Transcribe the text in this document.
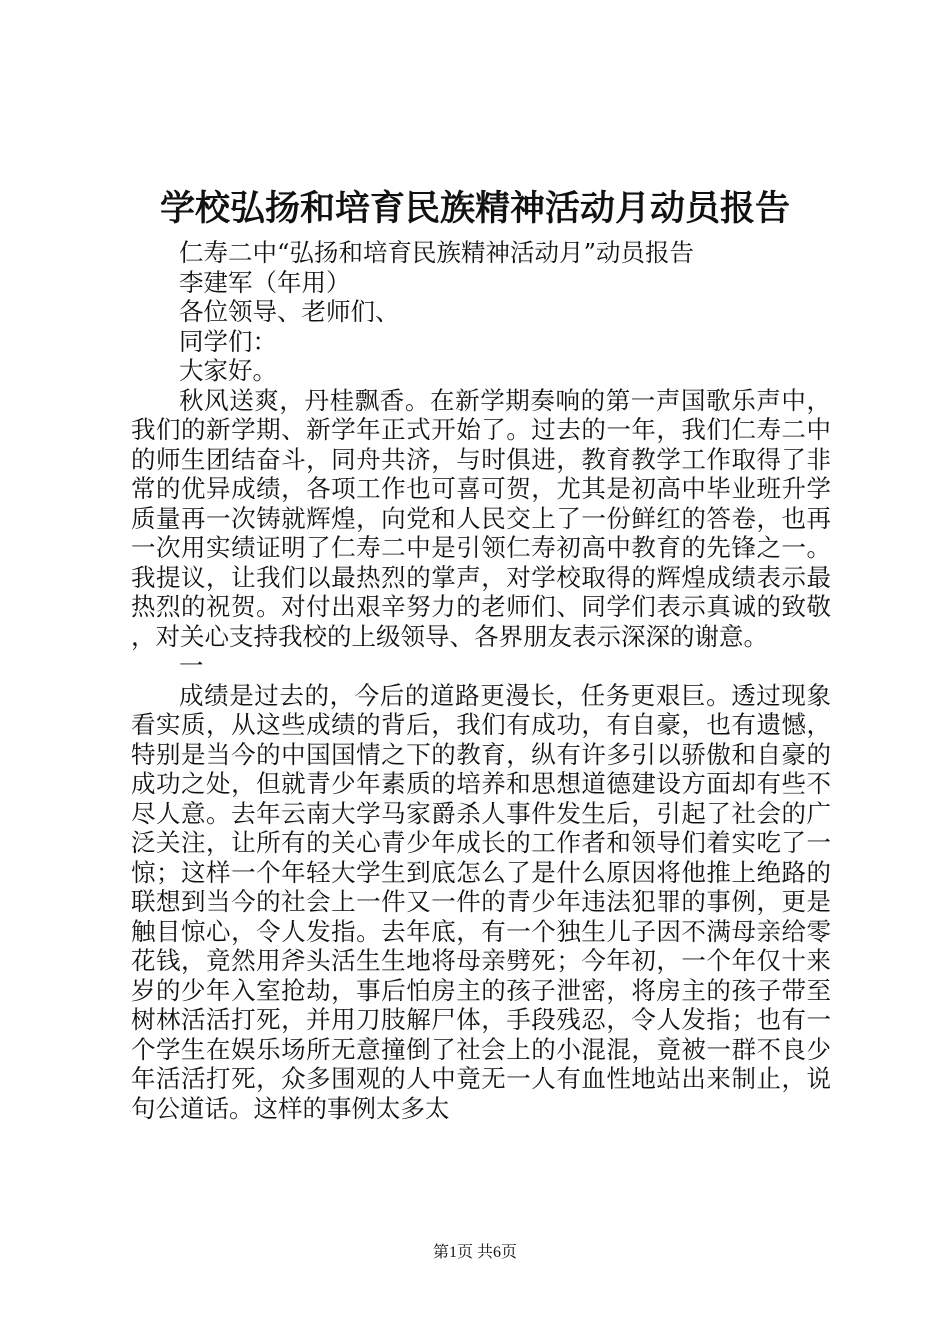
学校弘扬和培育民族精神活动月动员报告

仁寿二中“弘扬和培育民族精神活动月”动员报告

李建军（年用）

各位领导、老师们、

同学们：

大家好。

秋风送爽，丹桂飘香。在新学期奏响的第一声国歌乐声中，我们的新学期、新学年正式开始了。过去的一年，我们仁寿二中的师生团结奋斗，同舟共济，与时俱进，教育教学工作取得了非常的优异成绩，各项工作也可喜可贺，尤其是初高中毕业班升学质量再一次铸就辉煌，向党和人民交上了一份鲜红的答卷，也再一次用实绩证明了仁寿二中是引领仁寿初高中教育的先锋之一。我提议，让我们以最热烈的掌声，对学校取得的辉煌成绩表示最热烈的祝贺。对付出艰辛努力的老师们、同学们表示真诚的致敬，对关心支持我校的上级领导、各界朋友表示深深的谢意。

一

成绩是过去的，今后的道路更漫长，任务更艰巨。透过现象看实质，从这些成绩的背后，我们有成功，有自豪，也有遗憾，特别是当今的中国国情之下的教育，纵有许多引以骄傲和自豪的成功之处，但就青少年素质的培养和思想道德建设方面却有些不尽人意。去年云南大学马家爵杀人事件发生后，引起了社会的广泛关注，让所有的关心青少年成长的工作者和领导们着实吃了一惊；这样一个年轻大学生到底怎么了是什么原因将他推上绝路的联想到当今的社会上一件又一件的青少年违法犯罪的事例，更是触目惊心，令人发指。去年底，有一个独生儿子因不满母亲给零花钱，竟然用斧头活生生地将母亲劈死；今年初，一个年仅十来岁的少年入室抢劫，事后怕房主的孩子泄密，将房主的孩子带至树林活活打死，并用刀肢解尸体，手段残忍，令人发指；也有一个学生在娱乐场所无意撞倒了社会上的小混混，竟被一群不良少年活活打死，众多围观的人中竟无一人有血性地站出来制止，说句公道话。这样的事例太多太

第1页 共6页
